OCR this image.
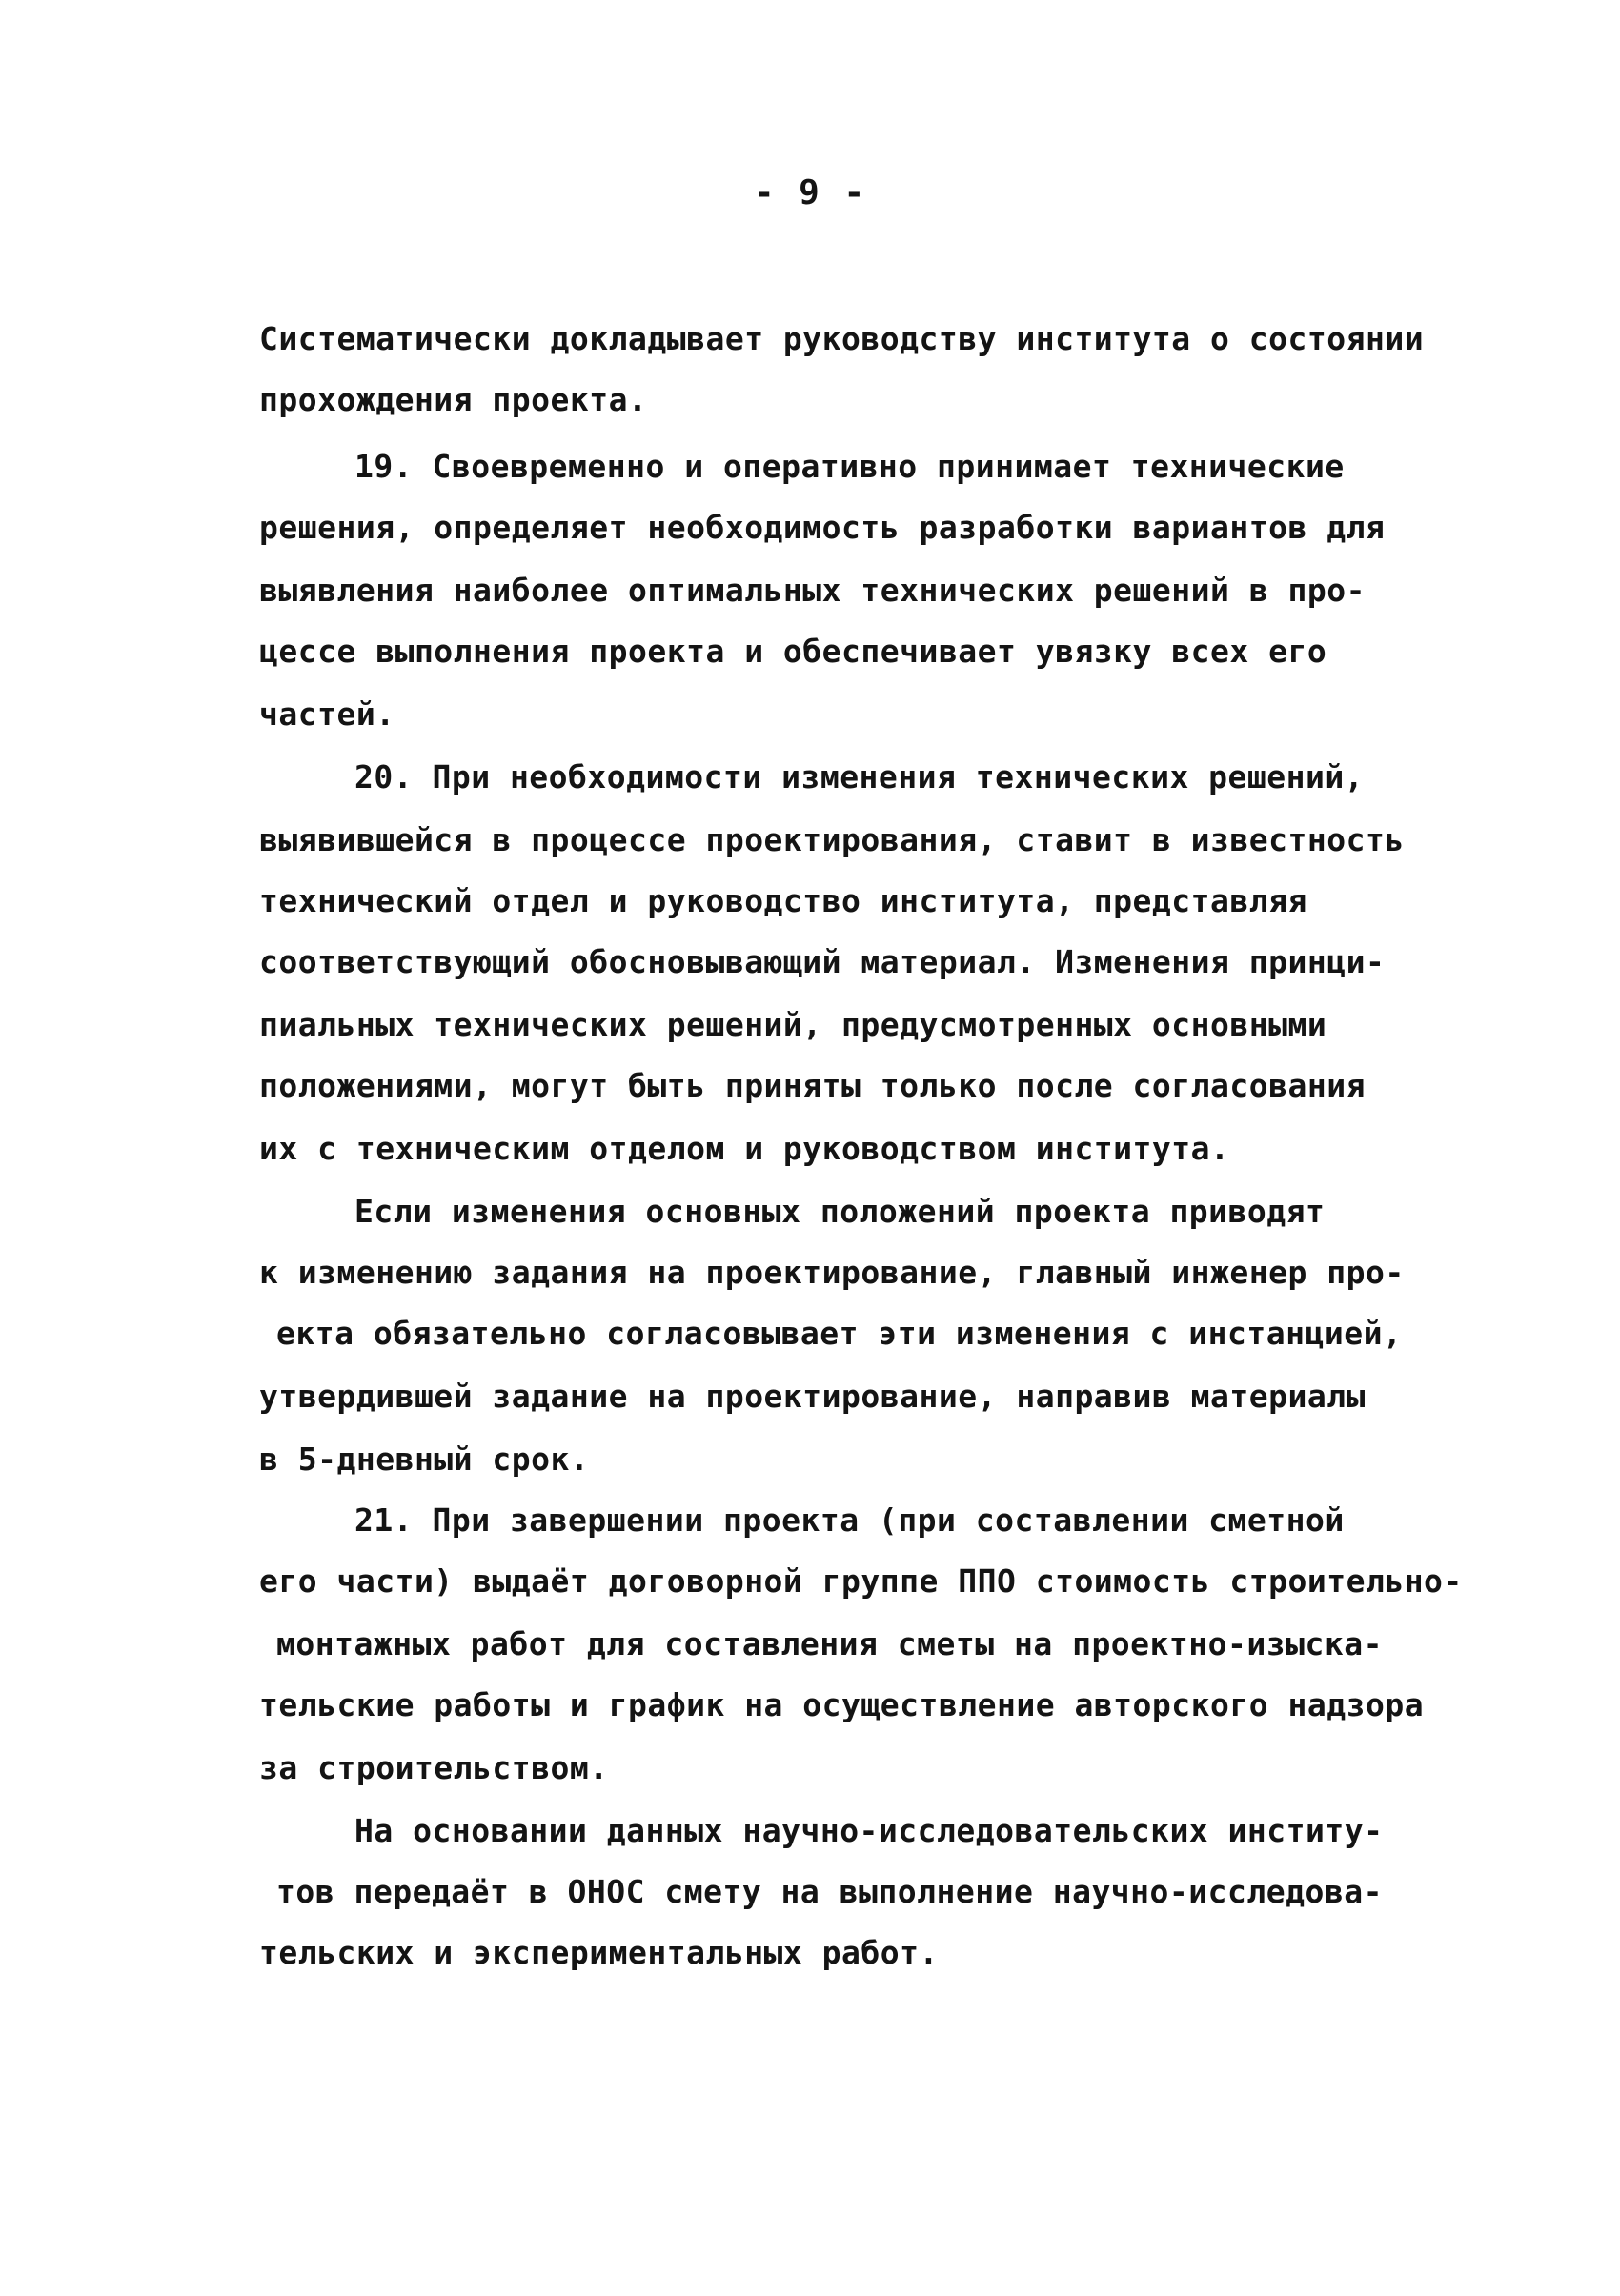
- 9 -
Систематически докладывает руководству института о состоянии
прохождения проекта.
19. Своевременно и оперативно принимает технические
решения, определяет необходимость разработки вариантов для
выявления наиболее оптимальных технических решений в про-
цессе выполнения проекта и обеспечивает увязку всех его
частей.
20. При необходимости изменения технических решений,
выявившейся в процессе проектирования, ставит в известность
технический отдел и руководство института, представляя
соответствующий обосновывающий материал. Изменения принци-
пиальных технических решений, предусмотренных основными
положениями, могут быть приняты только после согласования
их с техническим отделом и руководством института.
Если изменения основных положений проекта приводят
к изменению задания на проектирование, главный инженер про-
екта обязательно согласовывает эти изменения с инстанцией,
утвердившей задание на проектирование, направив материалы
в 5-дневный срок.
21. При завершении проекта (при составлении сметной
его части) выдаёт договорной группе ППО стоимость строительно-
монтажных работ для составления сметы на проектно-изыска-
тельские работы и график на осуществление авторского надзора
за строительством.
На основании данных научно-исследовательских институ-
тов передаёт в ОНОС смету на выполнение научно-исследова-
тельских и экспериментальных работ.
